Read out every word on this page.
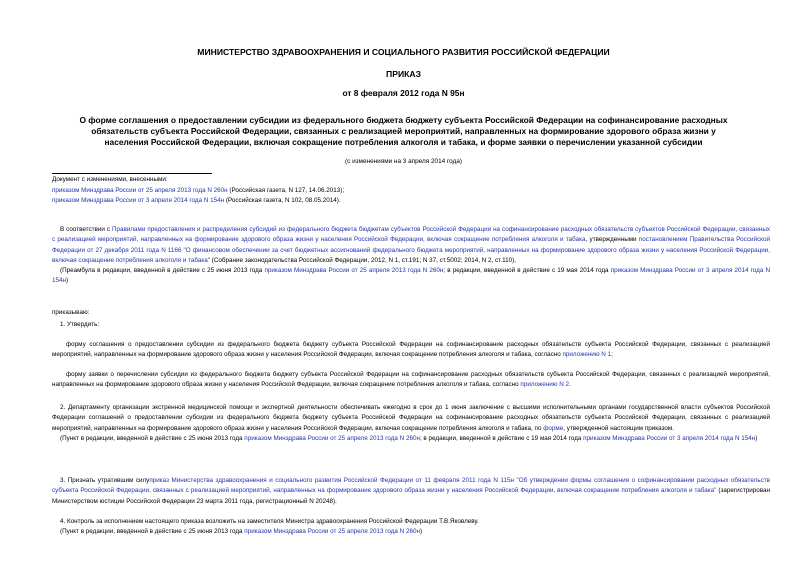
МИНИСТЕРСТВО ЗДРАВООХРАНЕНИЯ И СОЦИАЛЬНОГО РАЗВИТИЯ РОССИЙСКОЙ ФЕДЕРАЦИИ
ПРИКАЗ
от 8 февраля 2012 года N 95н
О форме соглашения о предоставлении субсидии из федерального бюджета бюджету субъекта Российской Федерации на софинансирование расходных обязательств субъекта Российской Федерации, связанных с реализацией мероприятий, направленных на формирование здорового образа жизни у населения Российской Федерации, включая сокращение потребления алкоголя и табака, и форме заявки о перечислении указанной субсидии
(с изменениями на 3 апреля 2014 года)

Документ с изменениями, внесенными:

приказом Минздрава России от 25 апреля 2013 года N 260н (Российская газета, N 127, 14.06.2013);

приказом Минздрава России от 3 апреля 2014 года N 154н (Российская газета, N 102, 08.05.2014).

В соответствии с Правилами предоставления и распределения субсидий из федерального бюджета бюджетам субъектов Российской Федерации на софинансирование расходных обязательств субъектов Российской Федерации, связанных с реализацией мероприятий, направленных на формирование здорового образа жизни у населения Российской Федерации, включая сокращение потребления алкоголя и табака, утвержденными постановлением Правительства Российской Федерации от 27 декабря 2011 года N 1166 "О финансовом обеспечении за счет бюджетных ассигнований федерального бюджета мероприятий, направленных на формирование здорового образа жизни у населения Российской Федерации, включая сокращение потребления алкоголя и табака" (Собрание законодательства Российской Федерации, 2012, N 1, ст.191; N 37, ст.5002; 2014, N 2, ст.110),

(Преамбула в редакции, введенной в действие с 25 июня 2013 года приказом Минздрава России от 25 апреля 2013 года N 260н; в редакции, введенной в действие с 19 мая 2014 года приказом Минздрава России от 3 апреля 2014 года N 154н)

приказываю:
1. Утвердить:
форму соглашения о предоставлении субсидии из федерального бюджета бюджету субъекта Российской Федерации на софинансирование расходных обязательств субъекта Российской Федерации, связанных с реализацией мероприятий, направленных на формирование здорового образа жизни у населения Российской Федерации, включая сокращение потребления алкоголя и табака, согласно приложению N 1;
форму заявки о перечислении субсидии из федерального бюджета бюджету субъекта Российской Федерации на софинансирование расходных обязательств субъекта Российской Федерации, связанных с реализацией мероприятий, направленных на формирование здорового образа жизни у населения Российской Федерации, включая сокращение потребления алкоголя и табака, согласно приложению N 2.

2. Департаменту организации экстренной медицинской помощи и экспертной деятельности обеспечивать ежегодно в срок до 1 июня заключение с высшими исполнительными органами государственной власти субъектов Российской Федерации соглашений о предоставлении субсидии из федерального бюджета бюджету субъекта Российской Федерации на софинансирование расходных обязательств субъекта Российской Федерации, связанных с реализацией мероприятий, направленных на формирование здорового образа жизни у населения Российской Федерации, включая сокращение потребления алкоголя и табака, по форме, утвержденной настоящим приказом.

(Пункт в редакции, введенной в действие с 25 июня 2013 года приказом Минздрава России от 25 апреля 2013 года N 260н; в редакции, введенной в действие с 19 мая 2014 года приказом Минздрава России от 3 апреля 2014 года N 154н)

3. Признать утратившим силуприказ Министерства здравоохранения и социального развития Российской Федерации от 11 февраля 2011 года N 115н "Об утверждении формы соглашения о софинансировании расходных обязательств субъекта Российской Федерации, связанных с реализацией мероприятий, направленных на формирование здорового образа жизни у населения Российской Федерации, включая сокращение потребления алкоголя и табака" (зарегистрирован Министерством юстиции Российской Федерации 23 марта 2011 года, регистрационный N 20248).

4. Контроль за исполнением настоящего приказа возложить на заместителя Министра здравоохранения Российской Федерации Т.В.Яковлеву.

(Пункт в редакции, введенной в действие с 25 июня 2013 года приказом Минздрава России от 25 апреля 2013 года N 260н)
